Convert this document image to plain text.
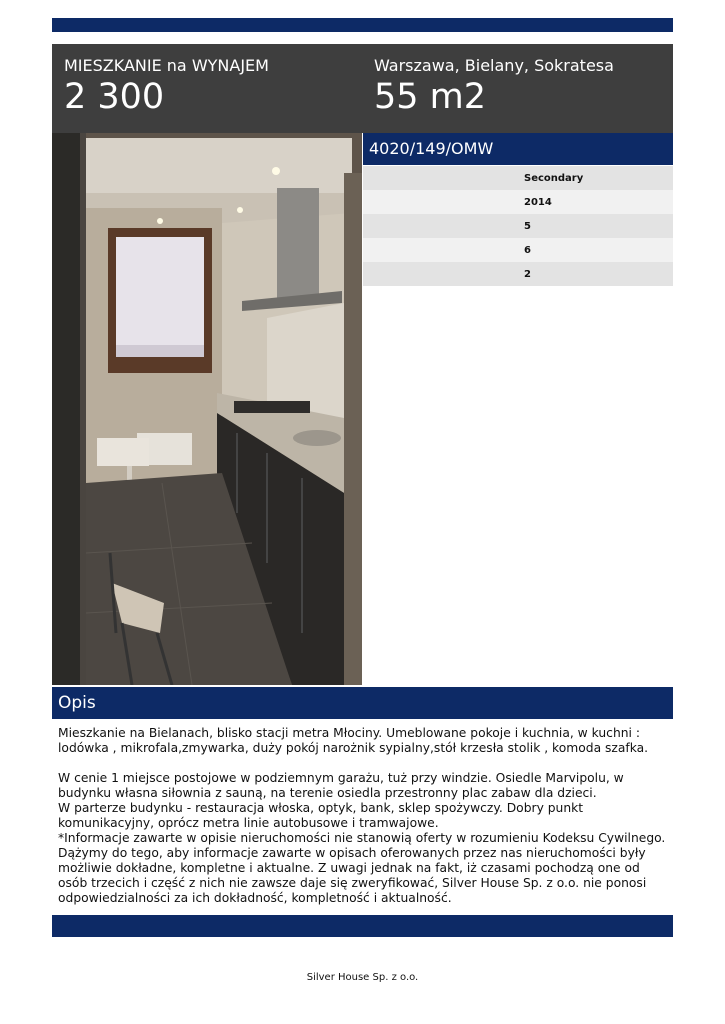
MIESZKANIE na WYNAJEM
2 300
Warszawa, Bielany, Sokratesa
55 m2
4020/149/OMW
Secondary
2014
5
6
2
Opis
Mieszkanie na Bielanach, blisko stacji metra Młociny. Umeblowane pokoje i kuchnia, w kuchni : lodówka , mikrofala,zmywarka, duży pokój narożnik sypialny,stół krzesła stolik , komoda szafka.

W cenie 1 miejsce postojowe w podziemnym garażu, tuż przy windzie. Osiedle Marvipolu, w budynku własna siłownia z sauną, na terenie osiedla przestronny plac zabaw dla dzieci.
W parterze budynku - restauracja włoska, optyk, bank, sklep spożywczy. Dobry punkt komunikacyjny, oprócz metra linie autobusowe i tramwajowe.
*Informacje zawarte w opisie nieruchomości nie stanowią oferty w rozumieniu Kodeksu Cywilnego. Dążymy do tego, aby informacje zawarte w opisach oferowanych przez nas nieruchomości były możliwie dokładne, kompletne i aktualne. Z uwagi jednak na fakt, iż czasami pochodzą one od osób trzecich i część z nich nie zawsze daje się zweryfikować, Silver House Sp. z o.o. nie ponosi odpowiedzialności za ich dokładność, kompletność i aktualność.
Silver House Sp. z o.o.
